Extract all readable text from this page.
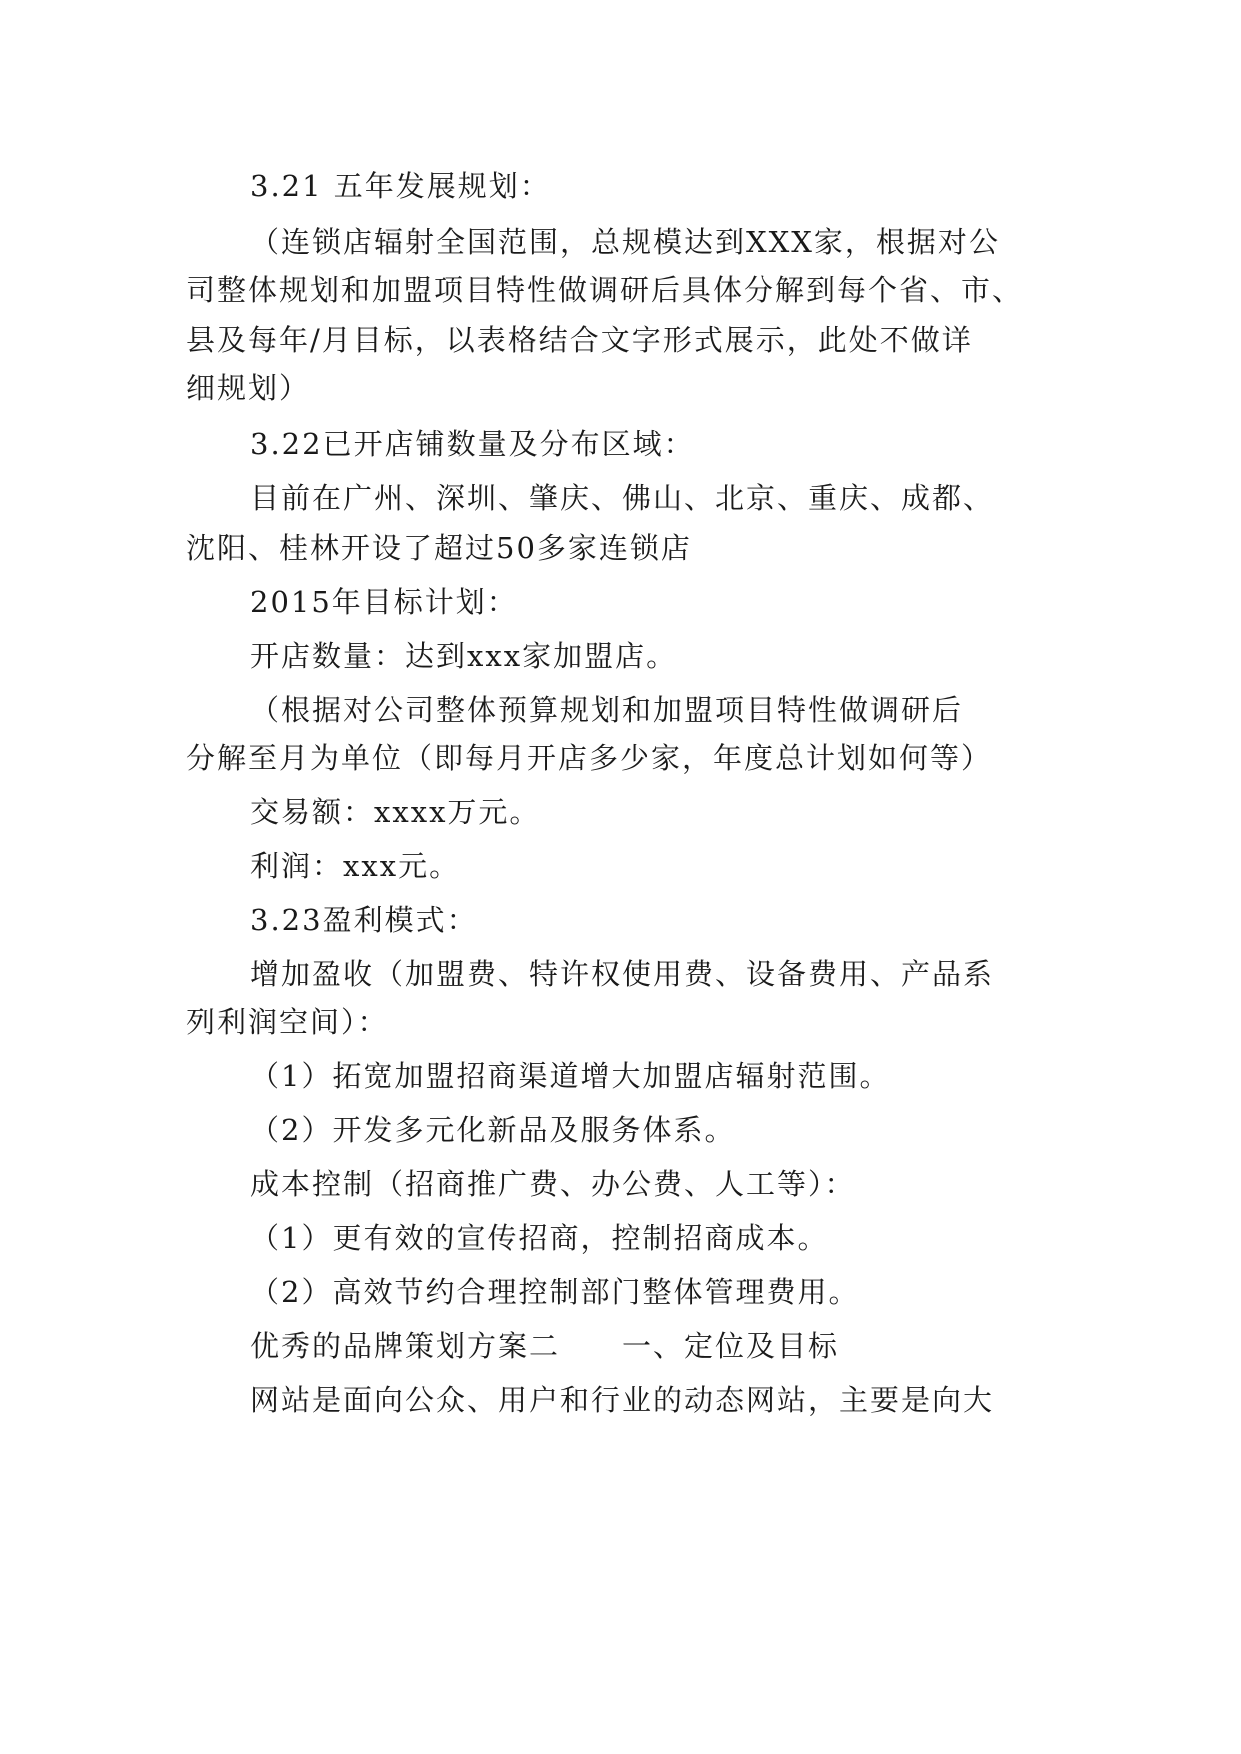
3.21 五年发展规划：
（连锁店辐射全国范围，总规模达到XXX家，根据对公
司整体规划和加盟项目特性做调研后具体分解到每个省、市、
县及每年/月目标，以表格结合文字形式展示，此处不做详
细规划）
3.22已开店铺数量及分布区域：
目前在广州、深圳、肇庆、佛山、北京、重庆、成都、
沈阳、桂林开设了超过50多家连锁店
2015年目标计划：
开店数量：达到xxx家加盟店。
（根据对公司整体预算规划和加盟项目特性做调研后
分解至月为单位（即每月开店多少家，年度总计划如何等）
交易额：xxxx万元。
利润：xxx元。
3.23盈利模式：
增加盈收（加盟费、特许权使用费、设备费用、产品系
列利润空间）：
（1）拓宽加盟招商渠道增大加盟店辐射范围。
（2）开发多元化新品及服务体系。
成本控制（招商推广费、办公费、人工等）：
（1）更有效的宣传招商，控制招商成本。
（2）高效节约合理控制部门整体管理费用。
优秀的品牌策划方案二　　一、定位及目标
网站是面向公众、用户和行业的动态网站，主要是向大
